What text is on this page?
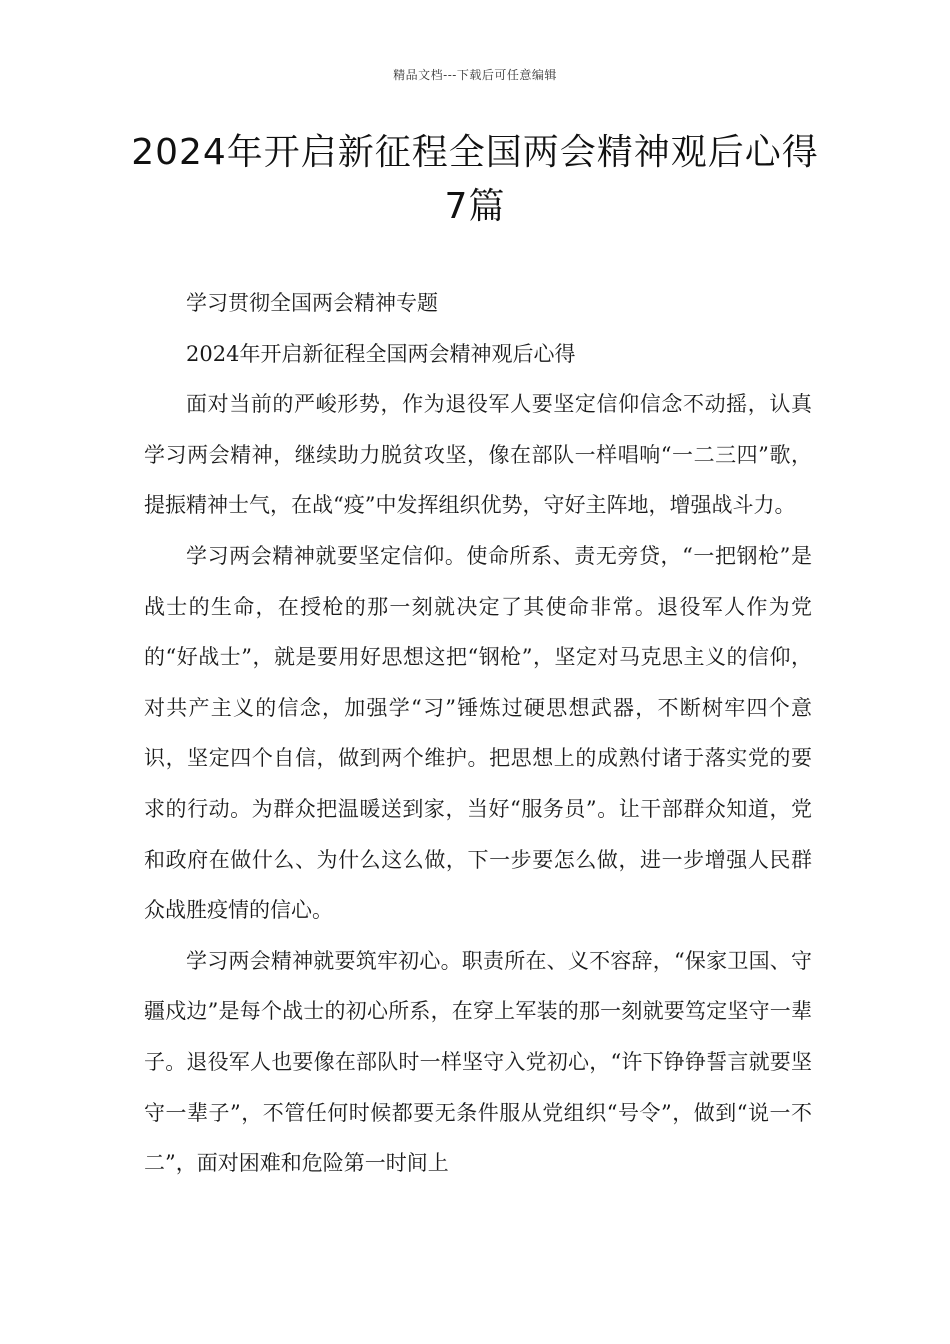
精品文档---下载后可任意编辑
2024年开启新征程全国两会精神观后心得7篇

学习贯彻全国两会精神专题

2024年开启新征程全国两会精神观后心得

面对当前的严峻形势，作为退役军人要坚定信仰信念不动摇，认真学习两会精神，继续助力脱贫攻坚，像在部队一样唱响“一二三四”歌，提振精神士气，在战“疫”中发挥组织优势，守好主阵地，增强战斗力。

学习两会精神就要坚定信仰。使命所系、责无旁贷，“一把钢枪”是战士的生命，在授枪的那一刻就决定了其使命非常。退役军人作为党的“好战士”，就是要用好思想这把“钢枪”，坚定对马克思主义的信仰，对共产主义的信念，加强学“习”锤炼过硬思想武器，不断树牢四个意识，坚定四个自信，做到两个维护。把思想上的成熟付诸于落实党的要求的行动。为群众把温暖送到家，当好“服务员”。让干部群众知道，党和政府在做什么、为什么这么做，下一步要怎么做，进一步增强人民群众战胜疫情的信心。

学习两会精神就要筑牢初心。职责所在、义不容辞，“保家卫国、守疆戍边”是每个战士的初心所系，在穿上军装的那一刻就要笃定坚守一辈子。退役军人也要像在部队时一样坚守入党初心，“许下铮铮誓言就要坚守一辈子”，不管任何时候都要无条件服从党组织“号令”，做到“说一不二”，面对困难和危险第一时间上
